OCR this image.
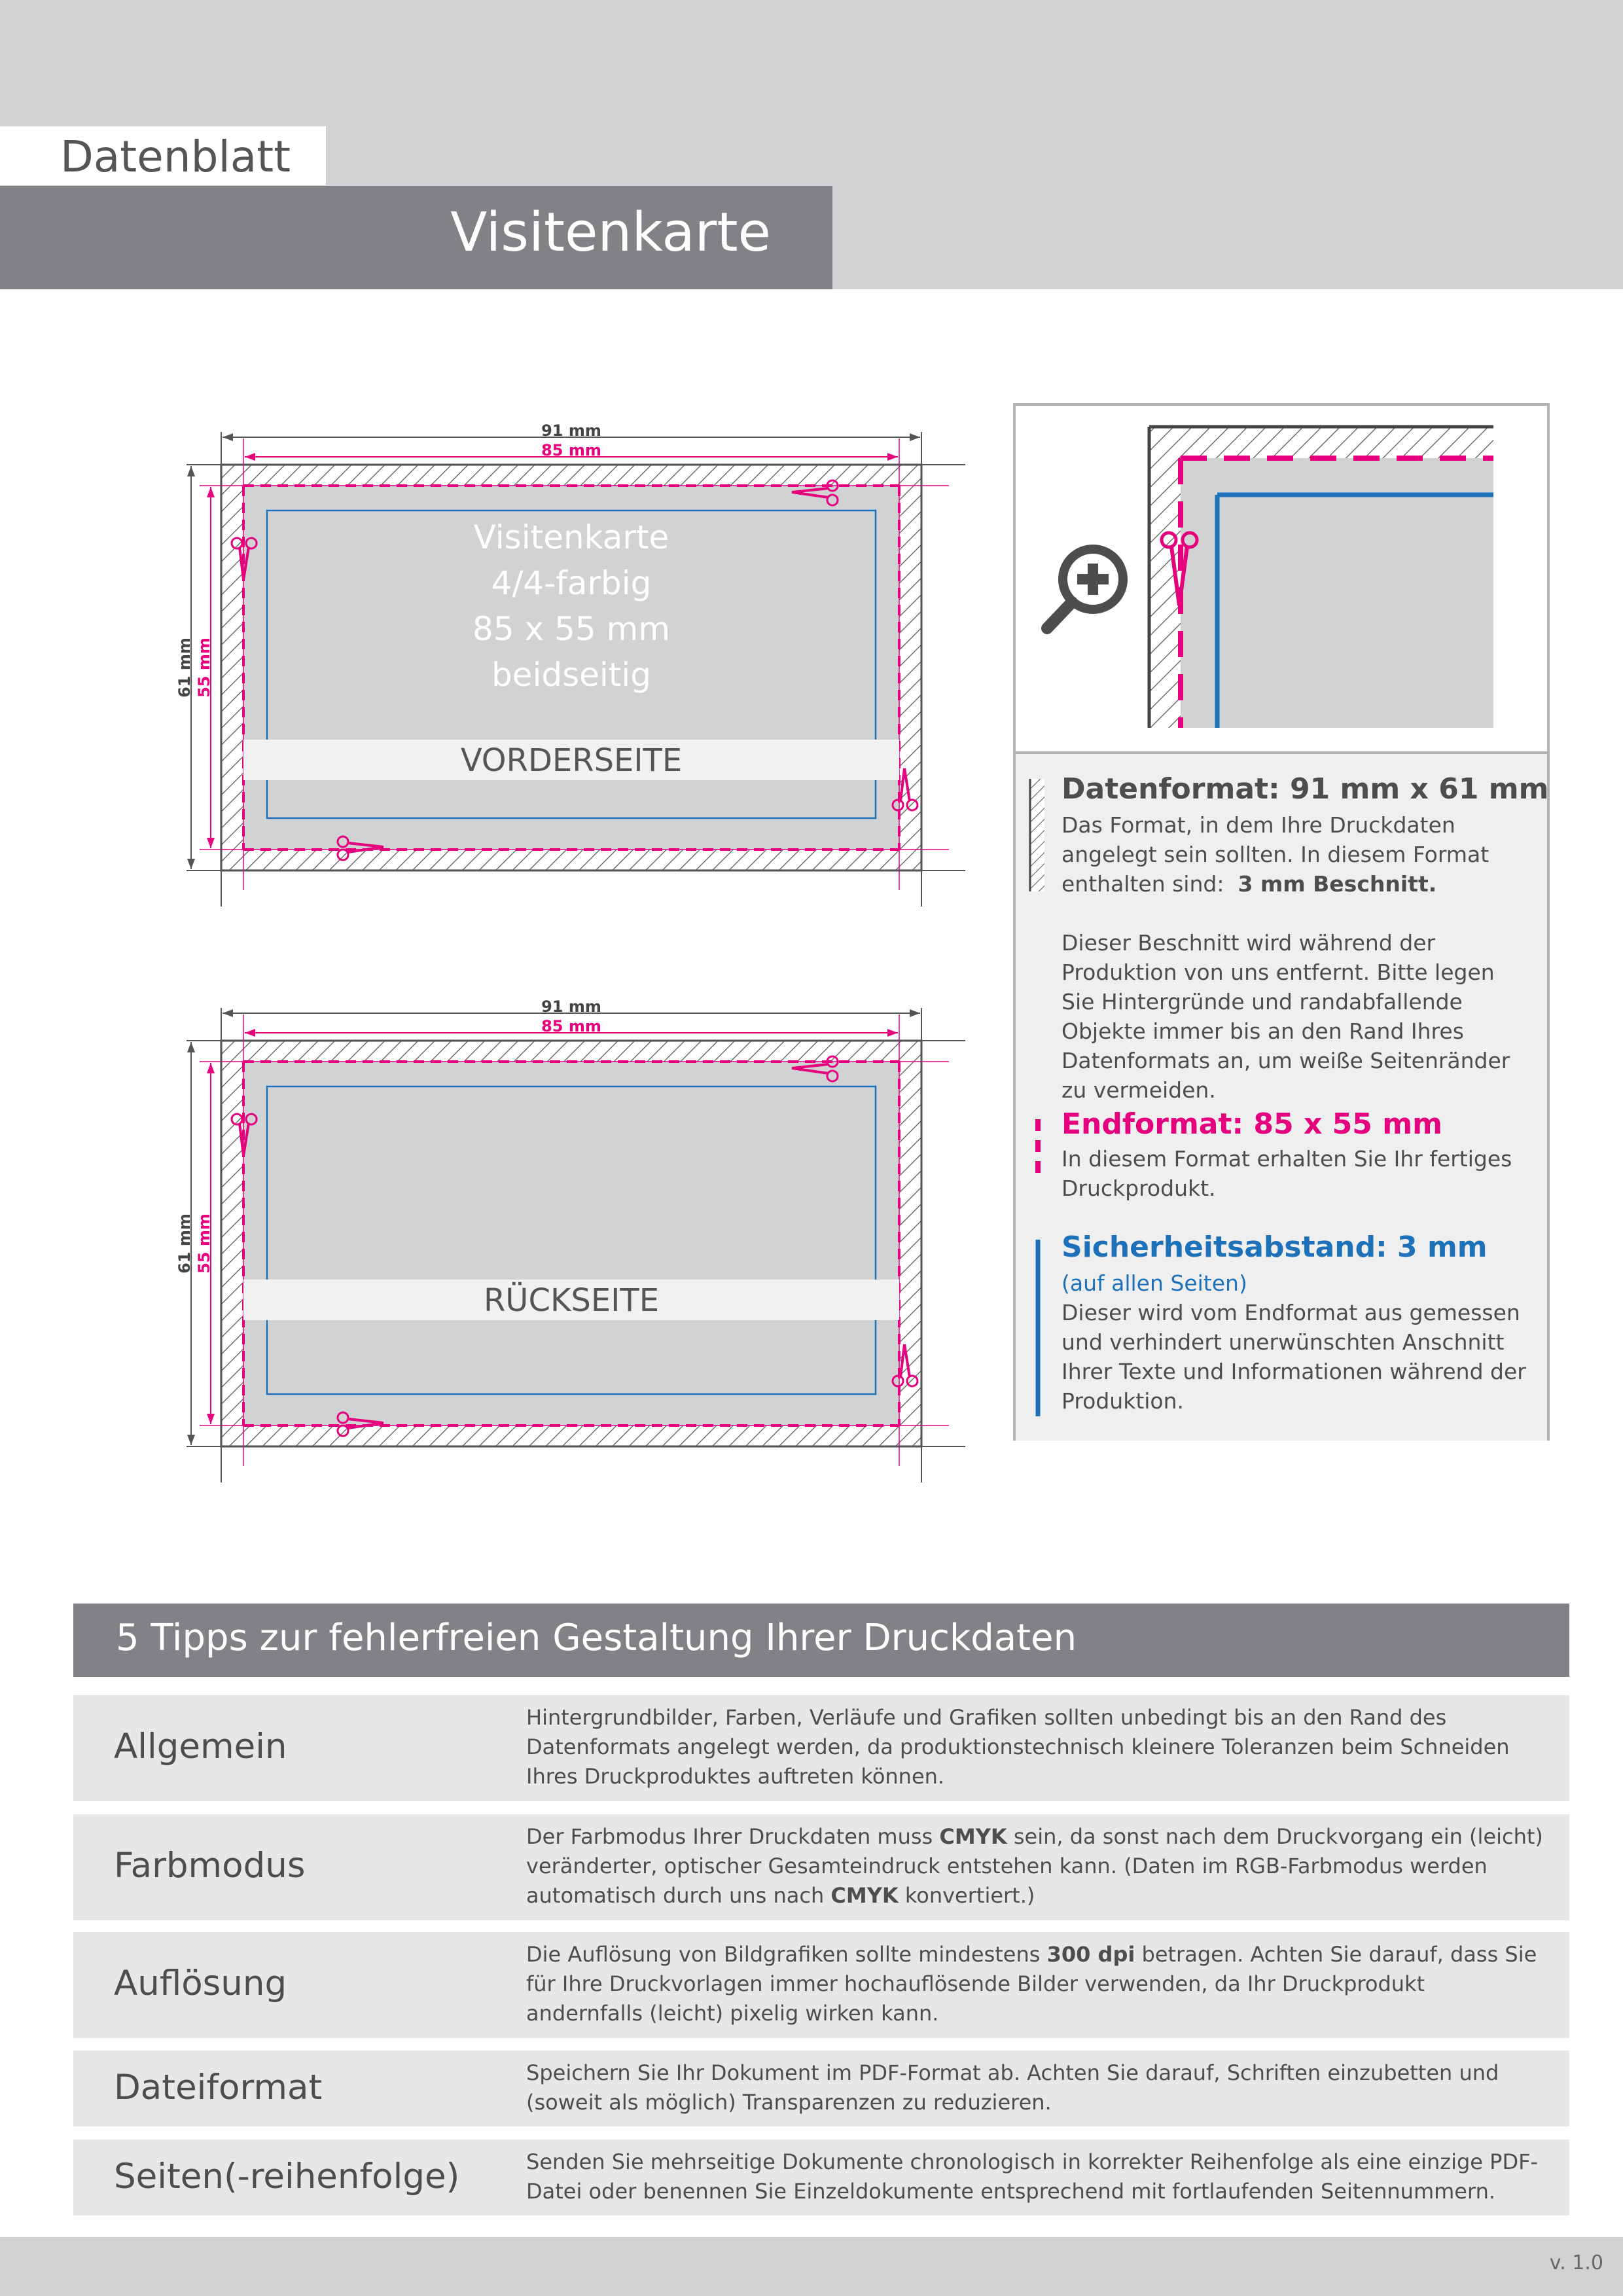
Datenblatt
Visitenkarte
91 mm
85 mm
61 mm 55 mm
Visitenkarte
4/4-farbig
85 x 55 mm
beidseitig
VORDERSEITE
91 mm
85 mm
61 mm 55 mm
RÜCKSEITE
Datenformat: 91 mm x 61 mm
Das Format, in dem Ihre Druckdaten angelegt sein sollten. In diesem Format enthalten sind: 3 mm Beschnitt.
Dieser Beschnitt wird während der Produktion von uns entfernt. Bitte legen Sie Hintergründe und randabfallende Objekte immer bis an den Rand Ihres Datenformats an, um weiße Seitenränder zu vermeiden.
Endformat: 85 x 55 mm
In diesem Format erhalten Sie Ihr fertiges Druckprodukt.
Sicherheitsabstand: 3 mm
(auf allen Seiten)
Dieser wird vom Endformat aus gemessen und verhindert unerwünschten Anschnitt Ihrer Texte und Informationen während der Produktion.
5 Tipps zur fehlerfreien Gestaltung Ihrer Druckdaten
Allgemein
Hintergrundbilder, Farben, Verläufe und Grafiken sollten unbedingt bis an den Rand des Datenformats angelegt werden, da produktionstechnisch kleinere Toleranzen beim Schneiden Ihres Druckproduktes auftreten können.
Farbmodus
Der Farbmodus Ihrer Druckdaten muss CMYK sein, da sonst nach dem Druckvorgang ein (leicht) veränderter, optischer Gesamteindruck entstehen kann. (Daten im RGB-Farbmodus werden automatisch durch uns nach CMYK konvertiert.)
Auflösung
Die Auflösung von Bildgrafiken sollte mindestens 300 dpi betragen. Achten Sie darauf, dass Sie für Ihre Druckvorlagen immer hochauflösende Bilder verwenden, da Ihr Druckprodukt andernfalls (leicht) pixelig wirken kann.
Dateiformat	Speichern Sie Ihr Dokument im PDF-Format ab. Achten Sie darauf, Schriften einzubetten und (soweit als möglich) Transparenzen zu reduzieren.
Seiten(-reihenfolge)	Senden Sie mehrseitige Dokumente chronologisch in korrekter Reihenfolge als eine einzige PDF-Datei oder benennen Sie Einzeldokumente entsprechend mit fortlaufenden Seitennummern.
v. 1.0
